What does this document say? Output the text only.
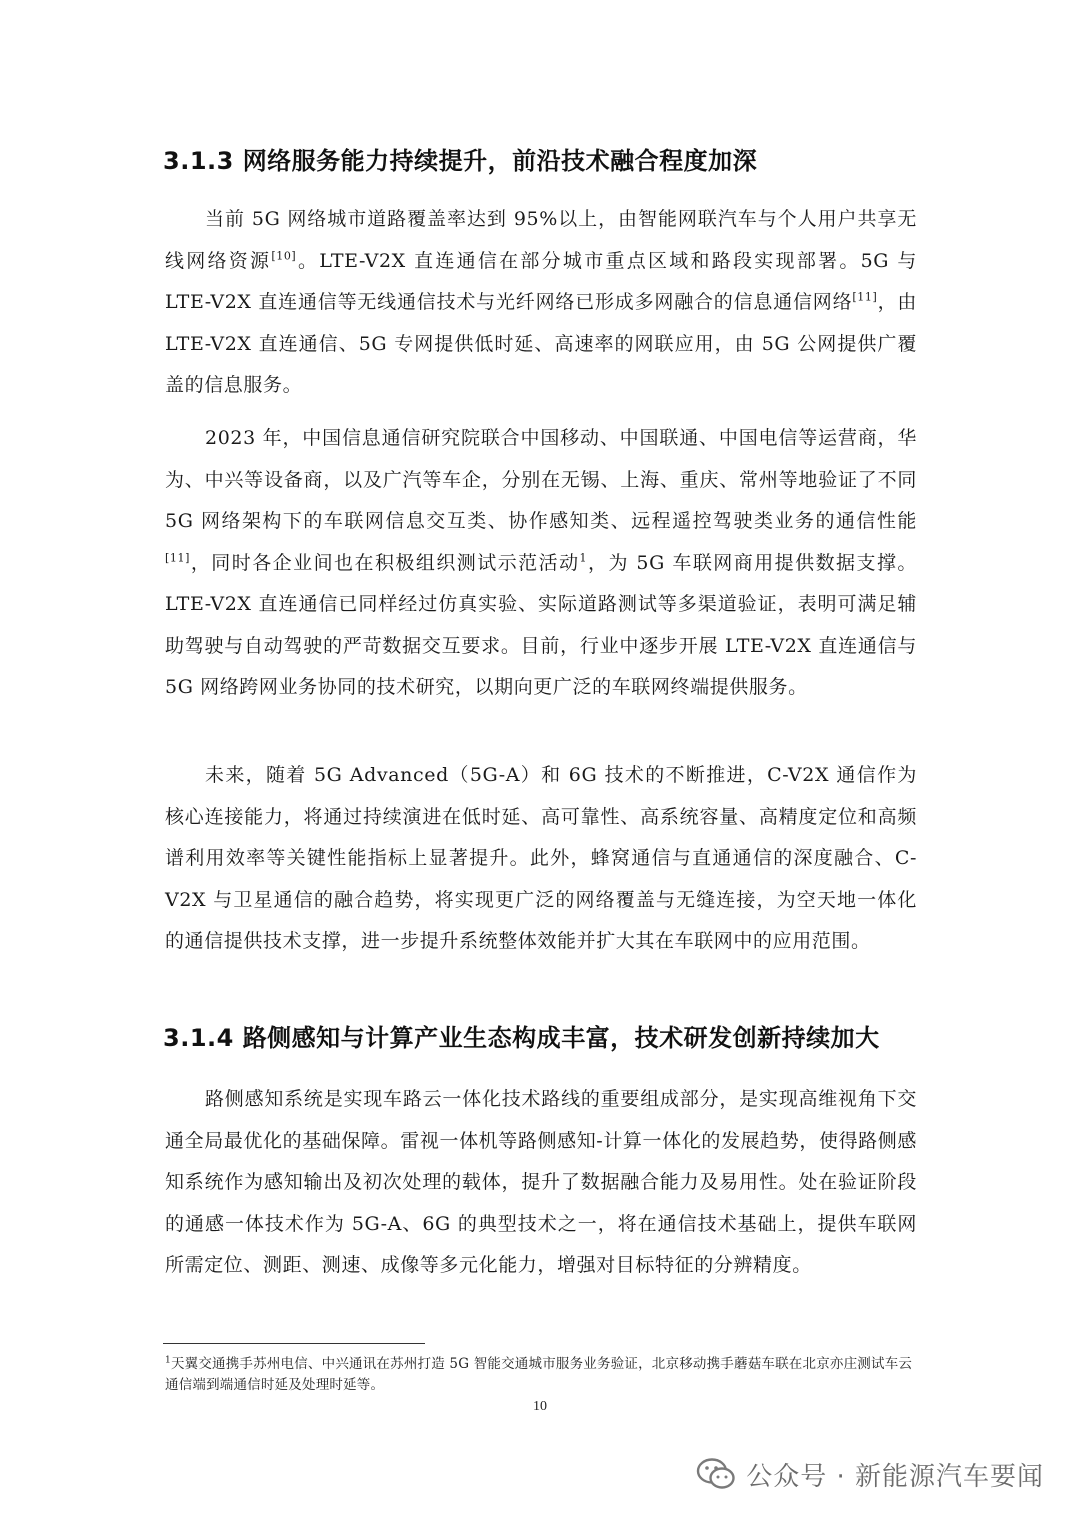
3.1.3 网络服务能力持续提升，前沿技术融合程度加深

当前 5G 网络城市道路覆盖率达到 95%以上，由智能网联汽车与个人用户共享无线网络资源[10]。LTE-V2X 直连通信在部分城市重点区域和路段实现部署。5G 与 LTE-V2X 直连通信等无线通信技术与光纤网络已形成多网融合的信息通信网络[11]，由 LTE-V2X 直连通信、5G 专网提供低时延、高速率的网联应用，由 5G 公网提供广覆盖的信息服务。

2023 年，中国信息通信研究院联合中国移动、中国联通、中国电信等运营商，华为、中兴等设备商，以及广汽等车企，分别在无锡、上海、重庆、常州等地验证了不同 5G 网络架构下的车联网信息交互类、协作感知类、远程遥控驾驶类业务的通信性能[11]，同时各企业间也在积极组织测试示范活动$^1$，为 5G 车联网商用提供数据支撑。LTE-V2X 直连通信已同样经过仿真实验、实际道路测试等多渠道验证，表明可满足辅助驾驶与自动驾驶的严苛数据交互要求。目前，行业中逐步开展 LTE-V2X 直连通信与 5G 网络跨网业务协同的技术研究，以期向更广泛的车联网终端提供服务。

未来，随着 5G Advanced（5G-A）和 6G 技术的不断推进，C-V2X 通信作为核心连接能力，将通过持续演进在低时延、高可靠性、高系统容量、高精度定位和高频谱利用效率等关键性能指标上显著提升。此外，蜂窝通信与直通通信的深度融合、C-V2X 与卫星通信的融合趋势，将实现更广泛的网络覆盖与无缝连接，为空天地一体化的通信提供技术支撑，进一步提升系统整体效能并扩大其在车联网中的应用范围。

3.1.4 路侧感知与计算产业生态构成丰富，技术研发创新持续加大

路侧感知系统是实现车路云一体化技术路线的重要组成部分，是实现高维视角下交通全局最优化的基础保障。雷视一体机等路侧感知-计算一体化的发展趋势，使得路侧感知系统作为感知输出及初次处理的载体，提升了数据融合能力及易用性。处在验证阶段的通感一体技术作为 5G-A、6G 的典型技术之一，将在通信技术基础上，提供车联网所需定位、测距、测速、成像等多元化能力，增强对目标特征的分辨精度。

$^1$天翼交通携手苏州电信、中兴通讯在苏州打造 5G 智能交通城市服务业务验证，北京移动携手蘑菇车联在北京亦庄测试车云通信端到端通信时延及处理时延等。

10
公众号 · 新能源汽车要闻
